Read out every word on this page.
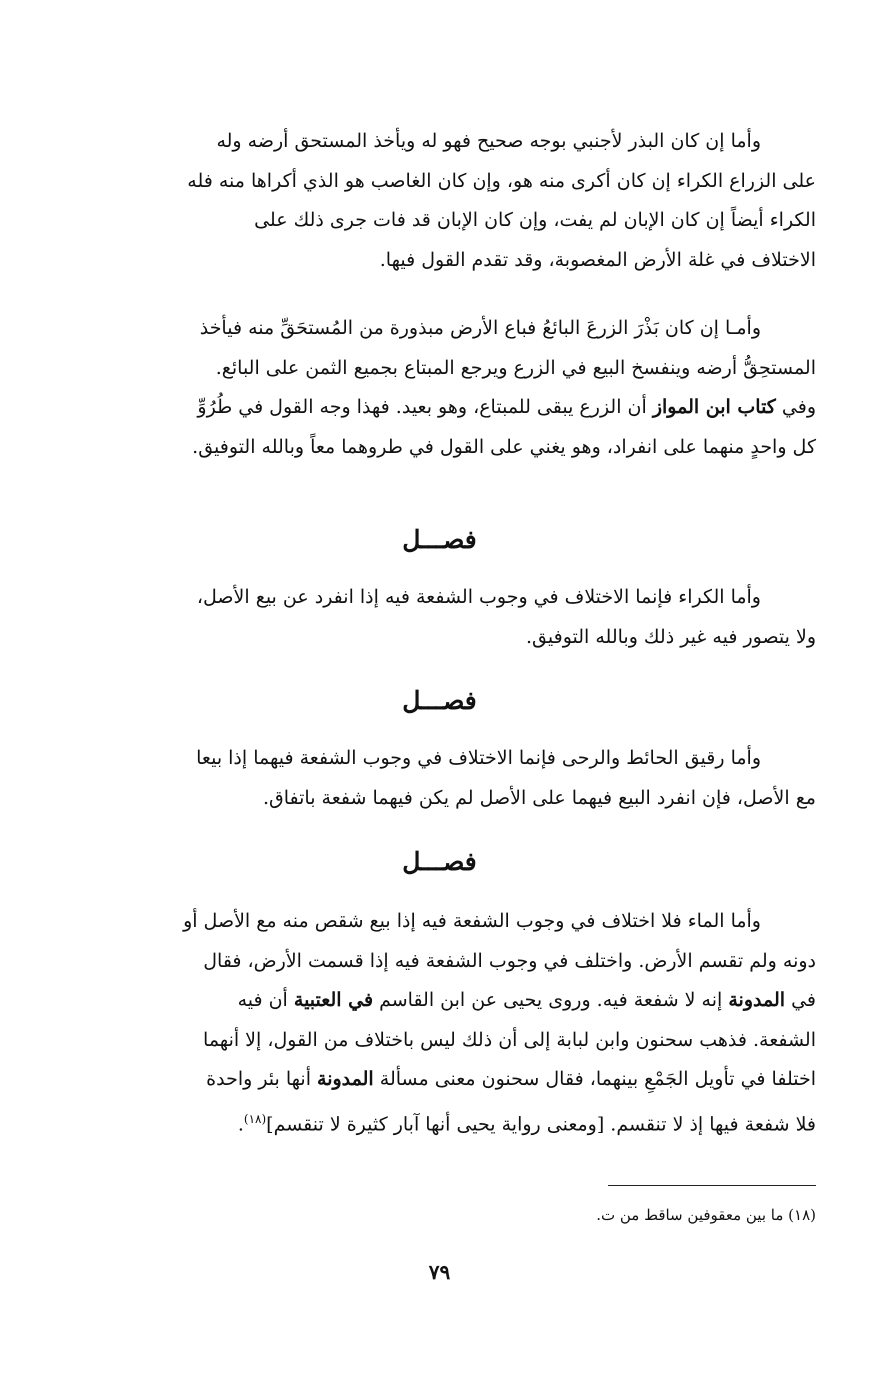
وأما إن كان البذر لأجنبي بوجه صحيح فهو له ويأخذ المستحق أرضه وله

على الزراع الكراء إن كان أكرى منه هو، وإن كان الغاصب هو الذي أكراها منه فله

الكراء أيضاً إن كان الإبان لم يفت، وإن كان الإبان قد فات جرى ذلك على

الاختلاف في غلة الأرض المغصوبة، وقد تقدم القول فيها.

وأمـا إن كان بَذْرَ الزرعَ البائعُ فباع الأرض مبذورة من المُستحَقِّ منه فيأخذ

المستحِقُّ أرضه وينفسخ البيع في الزرع ويرجع المبتاع بجميع الثمن على البائع.

وفي كتاب ابن المواز أن الزرع يبقى للمبتاع، وهو بعيد. فهذا وجه القول في طُرُوِّ

كل واحدٍ منهما على انفراد، وهو يغني على القول في طروهما معاً وبالله التوفيق.

فصـــل

وأما الكراء فإنما الاختلاف في وجوب الشفعة فيه إذا انفرد عن بيع الأصل،

ولا يتصور فيه غير ذلك وبالله التوفيق.

فصـــل

وأما رقيق الحائط والرحى فإنما الاختلاف في وجوب الشفعة فيهما إذا بيعا

مع الأصل، فإن انفرد البيع فيهما على الأصل لم يكن فيهما شفعة باتفاق.

فصـــل

وأما الماء فلا اختلاف في وجوب الشفعة فيه إذا بيع شقص منه مع الأصل أو

دونه ولم تقسم الأرض. واختلف في وجوب الشفعة فيه إذا قسمت الأرض، فقال

في المدونة إنه لا شفعة فيه. وروى يحيى عن ابن القاسم في العتبية أن فيه

الشفعة. فذهب سحنون وابن لبابة إلى أن ذلك ليس باختلاف من القول، إلا أنهما

اختلفا في تأويل الجَمْعِ بينهما، فقال سحنون معنى مسألة المدونة أنها بئر واحدة

فلا شفعة فيها إذ لا تنقسم. [ومعنى رواية يحيى أنها آبار كثيرة لا تنقسم]$^{(١٨)}$.

(١٨) ما بين معقوفين ساقط من ت.
٧٩
